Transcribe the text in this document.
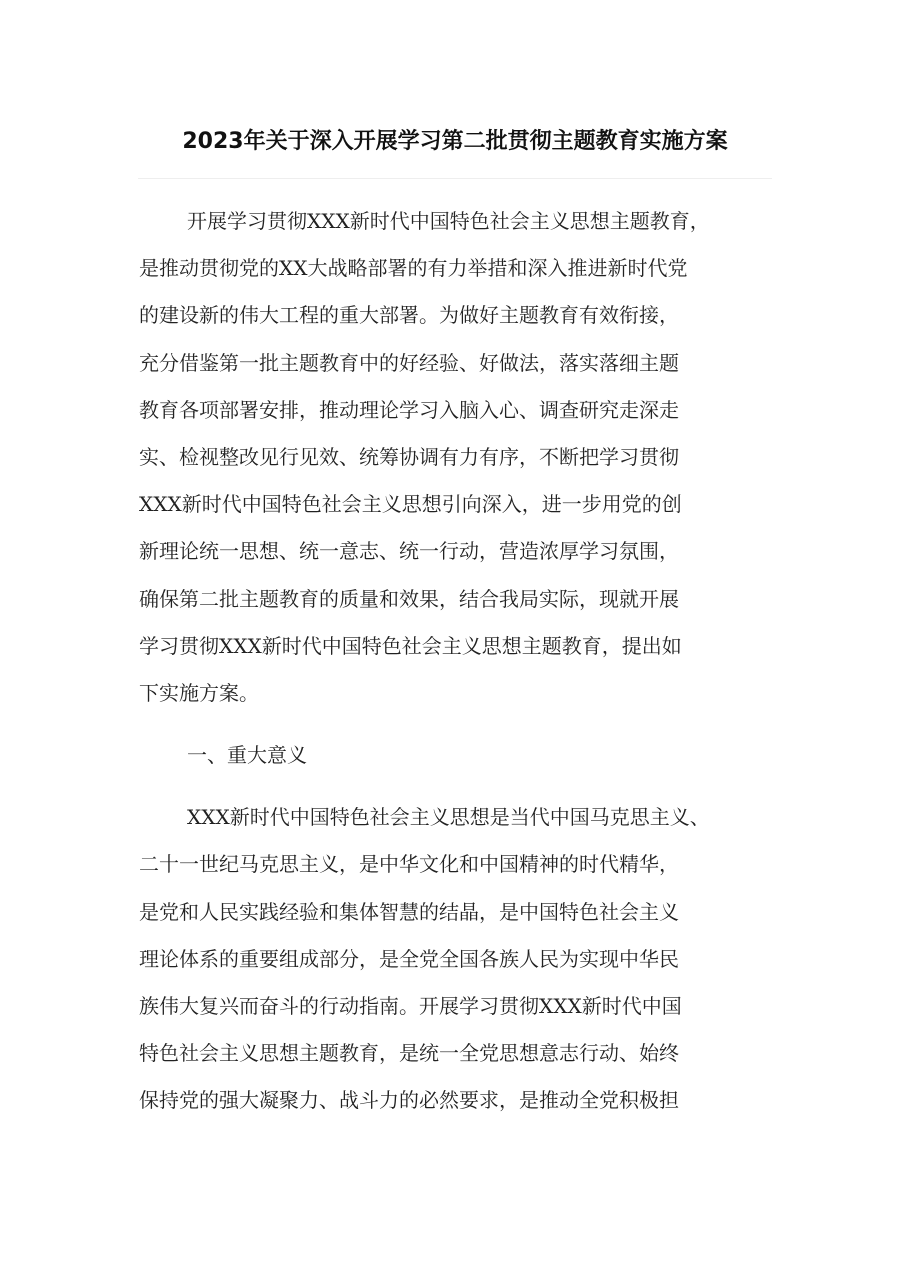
2023年关于深入开展学习第二批贯彻主题教育实施方案
开展学习贯彻XXX新时代中国特色社会主义思想主题教育，
是推动贯彻党的XX大战略部署的有力举措和深入推进新时代党
的建设新的伟大工程的重大部署。为做好主题教育有效衔接，
充分借鉴第一批主题教育中的好经验、好做法，落实落细主题
教育各项部署安排，推动理论学习入脑入心、调查研究走深走
实、检视整改见行见效、统筹协调有力有序，不断把学习贯彻
XXX新时代中国特色社会主义思想引向深入，进一步用党的创
新理论统一思想、统一意志、统一行动，营造浓厚学习氛围，
确保第二批主题教育的质量和效果，结合我局实际，现就开展
学习贯彻XXX新时代中国特色社会主义思想主题教育，提出如
下实施方案。
一、重大意义
XXX新时代中国特色社会主义思想是当代中国马克思主义、
二十一世纪马克思主义，是中华文化和中国精神的时代精华，
是党和人民实践经验和集体智慧的结晶，是中国特色社会主义
理论体系的重要组成部分，是全党全国各族人民为实现中华民
族伟大复兴而奋斗的行动指南。开展学习贯彻XXX新时代中国
特色社会主义思想主题教育，是统一全党思想意志行动、始终
保持党的强大凝聚力、战斗力的必然要求，是推动全党积极担
